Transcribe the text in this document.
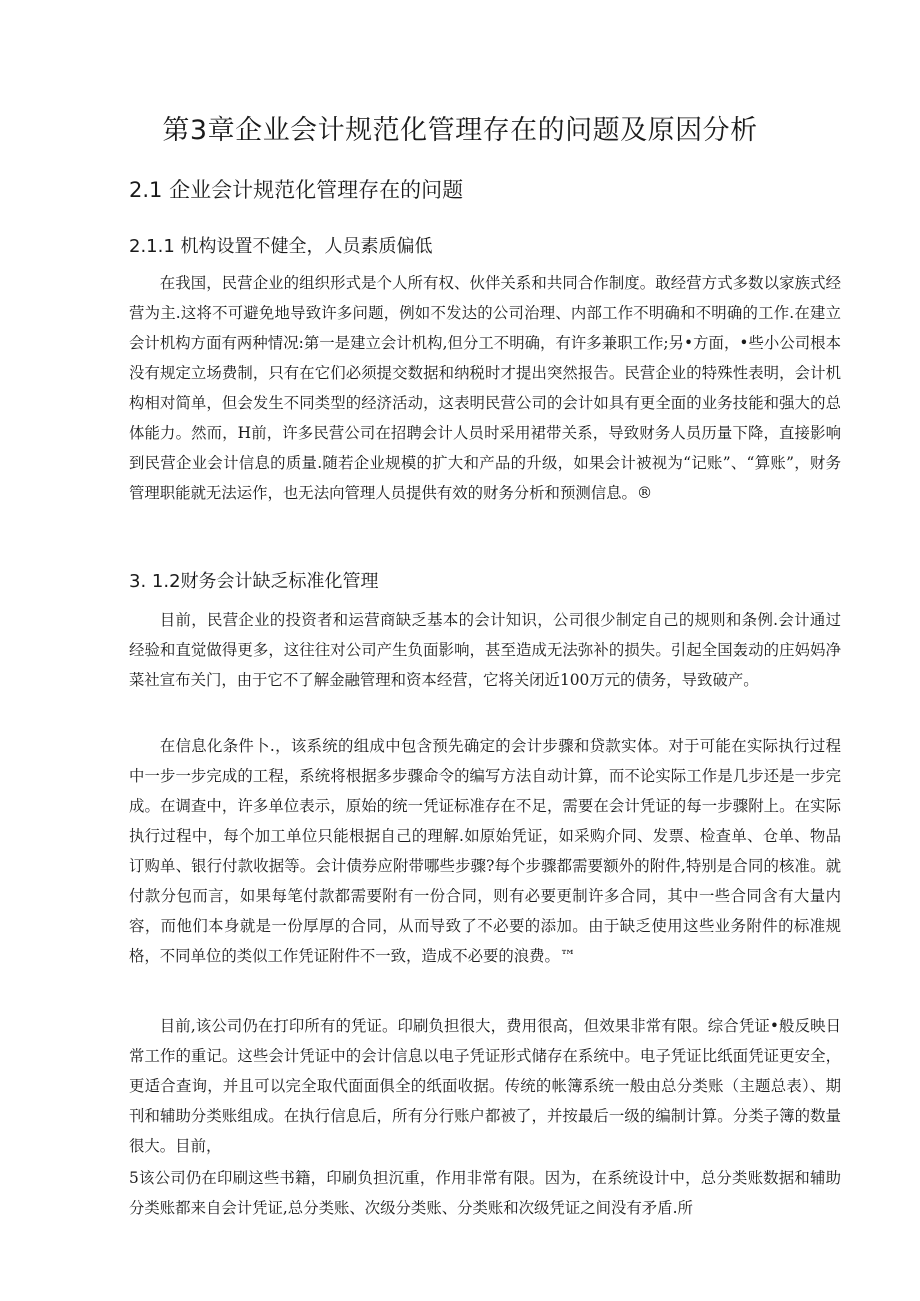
第3章企业会计规范化管理存在的问题及原因分析
2.1 企业会计规范化管理存在的问题
2.1.1 机构设置不健全，人员素质偏低

在我国，民营企业的组织形式是个人所有权、伙伴关系和共同合作制度。敢经营方式多数以家族式经营为主.这将不可避免地导致许多问题，例如不发达的公司治理、内部工作不明确和不明确的工作.在建立会计机构方面有两种情况:第一是建立会计机构,但分工不明确，有许多兼职工作;另•方面，•些小公司根本没有规定立场费制，只有在它们必须提交数据和纳税时才提出突然报告。民营企业的特殊性表明，会计机构相对简单，但会发生不同类型的经济活动，这表明民营公司的会计如具有更全面的业务技能和强大的总体能力。然而，H前，许多民营公司在招聘会计人员时采用裙带关系，导致财务人员历量下降，直接影响到民营企业会计信息的质量.随若企业规模的扩大和产品的升级，如果会计被视为“记账”、“算账”，财务管理职能就无法运作，也无法向管理人员提供有效的财务分析和预测信息。®

3. 1.2财务会计缺乏标准化管理

目前，民营企业的投资者和运营商缺乏基本的会计知识，公司很少制定自己的规则和条例.会计通过经验和直觉做得更多，这往往对公司产生负面影响，甚至造成无法弥补的损失。引起全国轰动的庄妈妈净菜社宣布关门，由于它不了解金融管理和资本经营，它将关闭近100万元的债务，导致破产。

在信息化条件卜.，该系统的组成中包含预先确定的会计步骤和贷款实体。对于可能在实际执行过程中一步一步完成的工程，系统将根据多步骤命令的编写方法自动计算，而不论实际工作是几步还是一步完成。在调查中，许多单位表示，原始的统一凭证标准存在不足，需要在会计凭证的每一步骤附上。在实际执行过程中，每个加工单位只能根据自己的理解.如原始凭证，如采购介同、发票、检查单、仓单、物品订购单、银行付款收据等。会计债券应附带哪些步骤?每个步骤都需要额外的附件,特别是合同的核准。就付款分包而言，如果每笔付款都需要附有一份合同，则有必要更制许多合同，其中一些合同含有大量内容，而他们本身就是一份厚厚的合同，从而导致了不必要的添加。由于缺乏使用这些业务附件的标准规格，不同单位的类似工作凭证附件不一致，造成不必要的浪费。™

目前,该公司仍在打印所有的凭证。印刷负担很大，费用很高，但效果非常有限。综合凭证•般反映日常工作的重记。这些会计凭证中的会计信息以电子凭证形式储存在系统中。电子凭证比纸面凭证更安全，更适合查询，并且可以完全取代面面俱全的纸面收据。传统的帐簿系统一般由总分类账（主题总表）、期刊和辅助分类账组成。在执行信息后，所有分行账户都被了，并按最后一级的编制计算。分类子簿的数量很大。目前，

5该公司仍在印刷这些书籍，印刷负担沉重，作用非常有限。因为，在系统设计中，总分类账数据和辅助分类账都来自会计凭证,总分类账、次级分类账、分类账和次级凭证之间没有矛盾.所
